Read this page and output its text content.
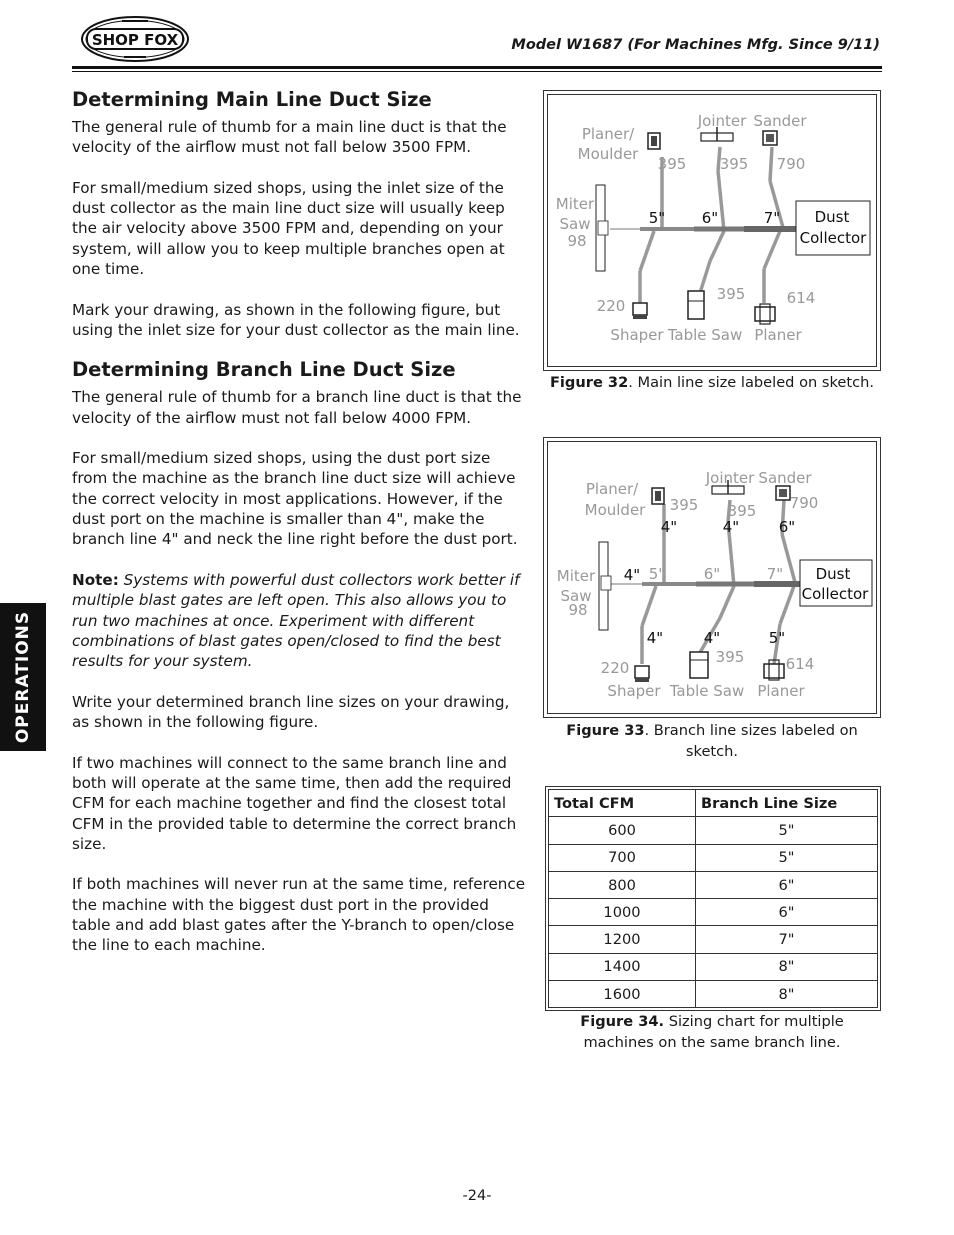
SHOP FOX	Model W1687 (For Machines Mfg. Since 9/11)
OPERATIONS
Determining Main Line Duct Size

The general rule of thumb for a main line duct is that the velocity of the airflow must not fall below 3500 FPM.

For small/medium sized shops, using the inlet size of the dust collector as the main line duct size will usually keep the air velocity above 3500 FPM and, depending on your system, will allow you to keep multiple branches open at one time.

Mark your drawing, as shown in the following figure, but using the inlet size for your dust collector as the main line.

Determining Branch Line Duct Size

The general rule of thumb for a branch line duct is that the velocity of the airflow must not fall below 4000 FPM.

For small/medium sized shops, using the dust port size from the machine as the branch line duct size will achieve the correct velocity in most applications. However, if the dust port on the machine is smaller than 4", make the branch line 4" and neck the line right before the dust port.

Note: Systems with powerful dust collectors work better if multiple blast gates are left open. This also allows you to run two machines at once. Experiment with different combinations of blast gates open/closed to find the best results for your system.

Write your determined branch line sizes on your drawing, as shown in the following figure.

If two machines will connect to the same branch line and both will operate at the same time, then add the required CFM for each machine together and find the closest total CFM in the provided table to determine the correct branch size.

If both machines will never run at the same time, reference the machine with the biggest dust port in the provided table and add blast gates after the Y-branch to open/close the line to each machine.

Planer/
Moulder
Jointer Sander
395 395 790
Miter
Saw
98
220
395	614
Shaper Table Saw Planer
5" 6"	7" Dust
Collector
Figure 32. Main line size labeled on sketch.
Planer/
Moulder
Jointer Sander
395 395 790
Miter
Saw
98
5"	6"	7"
220
395	614
Shaper Table Saw Planer
4"	4"	6"
4"
4"	4"	5"
Dust
Collector
Figure 33. Branch line sizes labeled on sketch.
Total CFM	Branch Line Size
600	5"
700	5"
800	6"
1000	6"
1200	7"
1400	8"
1600	8"
Figure 34. Sizing chart for multiple machines on the same branch line.
-24-
